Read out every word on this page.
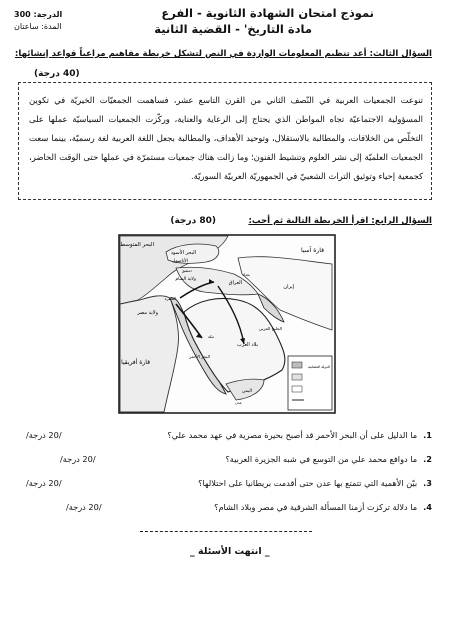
نموذج امتحان الشهادة الثانوية - الفرع
مادة التاريخ' - القضية الثانية
الدرجة: 300
المدة: ساعتان
السؤال الثالث: أعد تنظيم المعلومات الواردة في النص لتشكل خريطة مفاهيم مراعياً قواعد إنشائها:
(40 درجة)
تنوعت الجمعيات العربية في النّصف الثاني من القرن التاسع عشر، فساهمت الجمعيّات الخيريّة في تكوين المسؤولية الاجتماعيّة تجاه المواطن الذي يحتاج إلى الرعاية والعناية، وركّزت الجمعيات السياسيّة عملها على التخلّص من الخلافات، والمطالبة بالاستقلال، وتوحيد الأهداف، والمطالبة بجعل اللغة العربية لغة رسميّة، بينما سعت الجمعيات العلميّة إلى نشر العلوم وتنشيط الفنون؛ وما زالت هناك جمعيات مستمرّة في عملها حتى الوقت الحاضر، كجمعية إحياء وتوثيق التراث الشعبيّ في الجمهوريّة العربيّة السوريّة.
السؤال الرابع: اقرأ الخريطة التالية ثم أجب:
(80 درجة)
البحر المتوسط
البحر الأسود
الأناضول
ولاية الشام
العراق
ولاية مصر
قارة أفريقيا
قارة آسيا
إيران
الخليج العربي
البحر الأحمر
بلاد العرب
اليمن
الدولة العثمانية
القاهرة
بغداد
دمشق
عدن
مكة
1.ما الدليل على أن البحر الأحمر قد أصبح بحيرة مصرية في عهد محمد علي؟
/20 درجة/
2.ما دوافع محمد علي من التوسع في شبه الجزيرة العربية؟
/20 درجة/
3.بيّن الأهمية التي تتمتع بها عدن حتى أقدمت بريطانيا على احتلالها؟
/20 درجة/
4.ما دلالة تركزت أزمنا المسألة الشرقية في مصر وبلاد الشام؟
/20 درجة/
_ انتهت الأسئلة _
